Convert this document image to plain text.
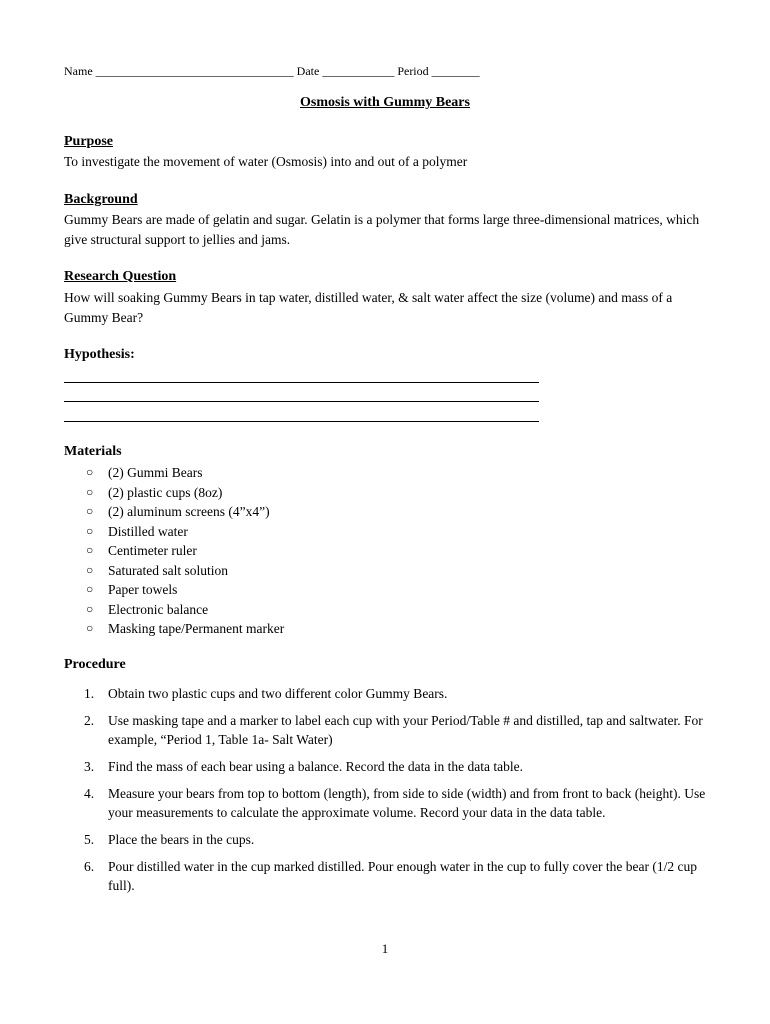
Name _________________________________ Date ____________ Period ________
Osmosis with Gummy Bears
Purpose
To investigate the movement of water (Osmosis) into and out of a polymer
Background
Gummy Bears are made of gelatin and sugar. Gelatin is a polymer that forms large three-dimensional matrices, which give structural support to jellies and jams.
Research Question
How will soaking Gummy Bears in tap water, distilled water, & salt water affect the size (volume) and mass of a Gummy Bear?
Hypothesis:
Materials
○ (2) Gummi Bears
○ (2) plastic cups (8oz)
○ (2) aluminum screens (4”x4”)
○ Distilled water
○ Centimeter ruler
○ Saturated salt solution
○ Paper towels
○ Electronic balance
○ Masking tape/Permanent marker
Procedure
1. Obtain two plastic cups and two different color Gummy Bears.
2. Use masking tape and a marker to label each cup with your Period/Table # and distilled, tap and saltwater. For example, “Period 1, Table 1a- Salt Water)
3. Find the mass of each bear using a balance. Record the data in the data table.
4. Measure your bears from top to bottom (length), from side to side (width) and from front to back (height). Use your measurements to calculate the approximate volume. Record your data in the data table.
5. Place the bears in the cups.
6. Pour distilled water in the cup marked distilled. Pour enough water in the cup to fully cover the bear (1/2 cup full).
1
